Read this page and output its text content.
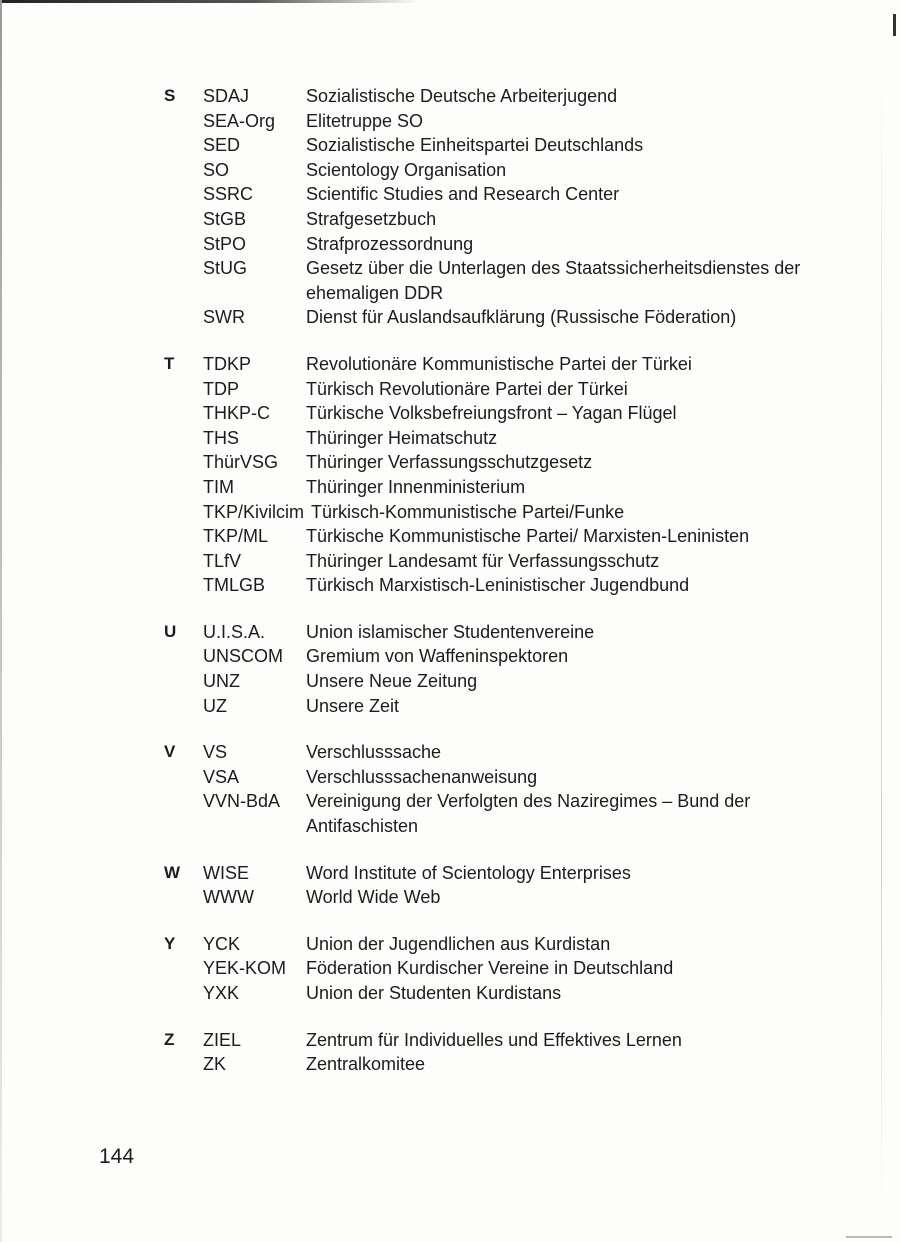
S SDAJ	Sozialistische Deutsche Arbeiterjugend
SEA-Org Elitetruppe SO
SED	Sozialistische Einheitspartei Deutschlands
SO	Scientology Organisation
SSRC	Scientific Studies and Research Center
StGB	Strafgesetzbuch
StPO	Strafprozessordnung
StUG	Gesetz über die Unterlagen des Staatssicherheitsdienstes der ehemaligen DDR
SWR	Dienst für Auslandsaufklärung (Russische Föderation)
T TDKP	Revolutionäre Kommunistische Partei der Türkei
TDP	Türkisch Revolutionäre Partei der Türkei
THKP-C Türkische Volksbefreiungsfront – Yagan Flügel
THS	Thüringer Heimatschutz
ThürVSG Thüringer Verfassungsschutzgesetz
TIM	Thüringer Innenministerium
TKP/Kivilcim Türkisch-Kommunistische Partei/Funke
TKP/ML Türkische Kommunistische Partei/ Marxisten-Leninisten
TLfV	Thüringer Landesamt für Verfassungsschutz
TMLGB Türkisch Marxistisch-Leninistischer Jugendbund
U U.I.S.A. Union islamischer Studentenvereine
UNSCOM Gremium von Waffeninspektoren
UNZ	Unsere Neue Zeitung
UZ	Unsere Zeit
V VS	Verschlusssache
VSA	Verschlusssachenanweisung
VVN-BdA Vereinigung der Verfolgten des Naziregimes – Bund der Antifaschisten
W WISE	Word Institute of Scientology Enterprises
WWW	World Wide Web
Y YCK	Union der Jugendlichen aus Kurdistan
YEK-KOM Föderation Kurdischer Vereine in Deutschland
YXK	Union der Studenten Kurdistans
Z ZIEL	Zentrum für Individuelles und Effektives Lernen
ZK	Zentralkomitee
144
